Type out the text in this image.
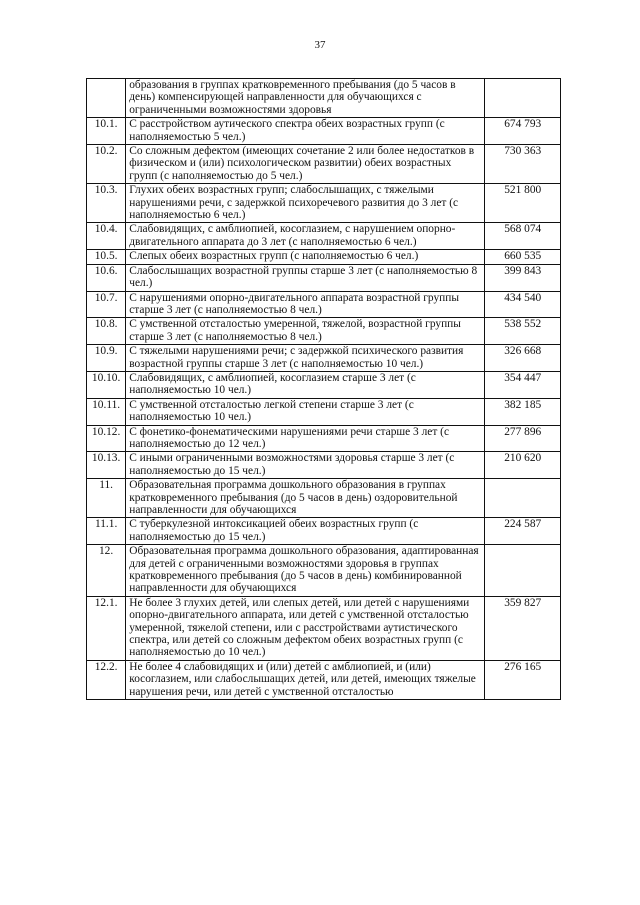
37
	образования в группах кратковременного пребывания (до 5 часов в день) компенсирующей направленности для обучающихся с ограниченными возможностями здоровья	
10.1.	С расстройством аутического спектра обеих возрастных групп (с наполняемостью 5 чел.)	674 793
10.2.	Со сложным дефектом (имеющих сочетание 2 или более недостатков в физическом и (или) психологическом развитии) обеих возрастных групп (с наполняемостью до 5 чел.)	730 363
10.3.	Глухих обеих возрастных групп; слабослышащих, с тяжелыми нарушениями речи, с задержкой психоречевого развития до 3 лет (с наполняемостью 6 чел.)	521 800
10.4.	Слабовидящих, с амблиопией, косоглазием, с нарушением опорно-двигательного аппарата до 3 лет (с наполняемостью 6 чел.)	568 074
10.5.	Слепых обеих возрастных групп (с наполняемостью 6 чел.)	660 535
10.6.	Слабослышащих возрастной группы старше 3 лет (с наполняемостью 8 чел.)	399 843
10.7.	С нарушениями опорно-двигательного аппарата возрастной группы старше 3 лет (с наполняемостью 8 чел.)	434 540
10.8.	С умственной отсталостью умеренной, тяжелой, возрастной группы старше 3 лет (с наполняемостью 8 чел.)	538 552
10.9.	С тяжелыми нарушениями речи; с задержкой психического развития возрастной группы старше 3 лет (с наполняемостью 10 чел.)	326 668
10.10.	Слабовидящих, с амблиопией, косоглазием старше 3 лет (с наполняемостью 10 чел.)	354 447
10.11.	С умственной отсталостью легкой степени старше 3 лет (с наполняемостью 10 чел.)	382 185
10.12.	С фонетико-фонематическими нарушениями речи старше 3 лет (с наполняемостью до 12 чел.)	277 896
10.13.	С иными ограниченными возможностями здоровья старше 3 лет (с наполняемостью до 15 чел.)	210 620
11.	Образовательная программа дошкольного образования в группах кратковременного пребывания (до 5 часов в день) оздоровительной направленности для обучающихся	
11.1.	С туберкулезной интоксикацией обеих возрастных групп (с наполняемостью до 15 чел.)	224 587
12.	Образовательная программа дошкольного образования, адаптированная для детей с ограниченными возможностями здоровья в группах кратковременного пребывания (до 5 часов в день) комбинированной направленности для обучающихся	
12.1.	Не более 3 глухих детей, или слепых детей, или детей с нарушениями опорно-двигательного аппарата, или детей с умственной отсталостью умеренной, тяжелой степени, или с расстройствами аутистического спектра, или детей со сложным дефектом обеих возрастных групп (с наполняемостью до 10 чел.)	359 827
12.2.	Не более 4 слабовидящих и (или) детей с амблиопией, и (или) косоглазием, или слабослышащих детей, или детей, имеющих тяжелые нарушения речи, или детей с умственной отсталостью	276 165
